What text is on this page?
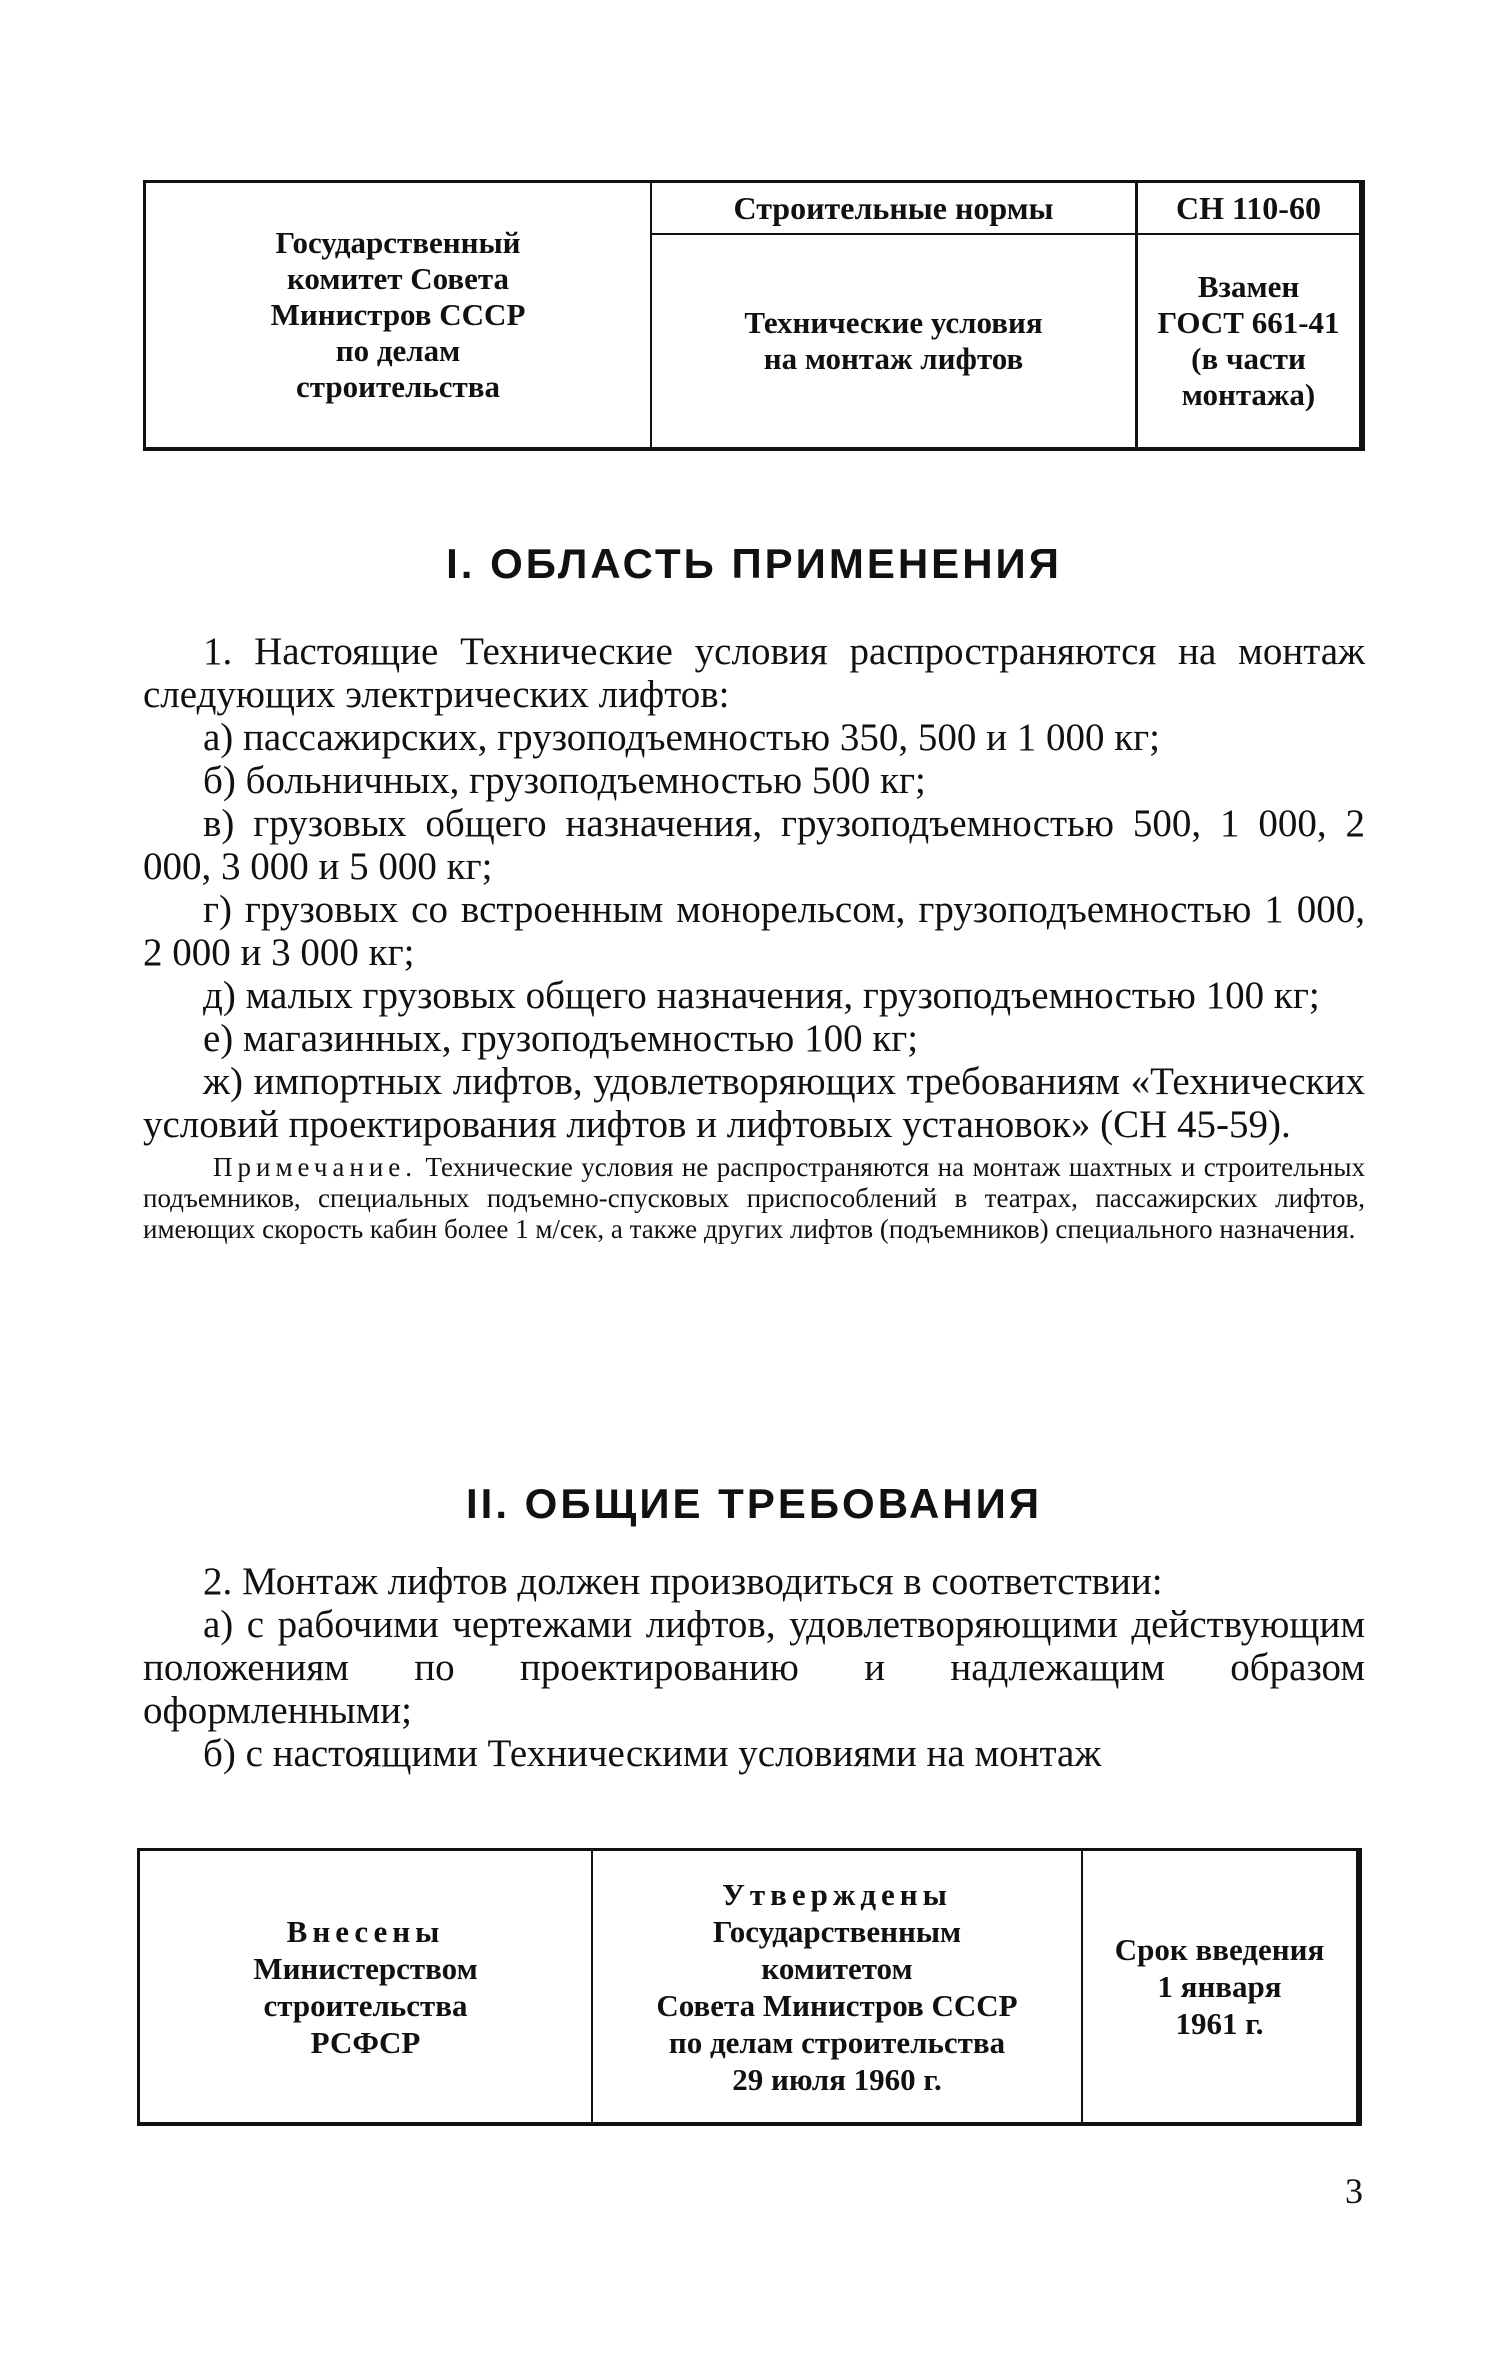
Государственный
комитет Совета
Министров СССР
по делам
строительства
Строительные нормы
Технические условия
на монтаж лифтов
СН 110-60
Взамен
ГОСТ 661-41
(в части
монтажа)
I. ОБЛАСТЬ ПРИМЕНЕНИЯ

1. Настоящие Технические условия распространяются на монтаж следующих электрических лифтов:

а) пассажирских, грузоподъемностью 350, 500 и 1 000 кг;

б) больничных, грузоподъемностью 500 кг;

в) грузовых общего назначения, грузоподъемностью 500, 1 000, 2 000, 3 000 и 5 000 кг;

г) грузовых со встроенным монорельсом, грузоподъемностью 1 000, 2 000 и 3 000 кг;

д) малых грузовых общего назначения, грузоподъемностью 100 кг;

е) магазинных, грузоподъемностью 100 кг;

ж) импортных лифтов, удовлетворяющих требованиям «Технических условий проектирования лифтов и лифтовых установок» (СН 45-59).

Примечание. Технические условия не распространяются на монтаж шахтных и строительных подъемников, специальных подъемно-спусковых приспособлений в театрах, пассажирских лифтов, имеющих скорость кабин более 1 м/сек, а также других лифтов (подъемников) специального назначения.
II. ОБЩИЕ ТРЕБОВАНИЯ

2. Монтаж лифтов должен производиться в соответствии:

а) с рабочими чертежами лифтов, удовлетворяющими действующим положениям по проектированию и надлежащим образом оформленными;

б) с настоящими Техническими условиями на монтаж

Внесены
Министерством
строительства
РСФСР
Утверждены
Государственным
комитетом
Совета Министров СССР
по делам строительства
29 июля 1960 г.
Срок введения
1 января
1961 г.
3
